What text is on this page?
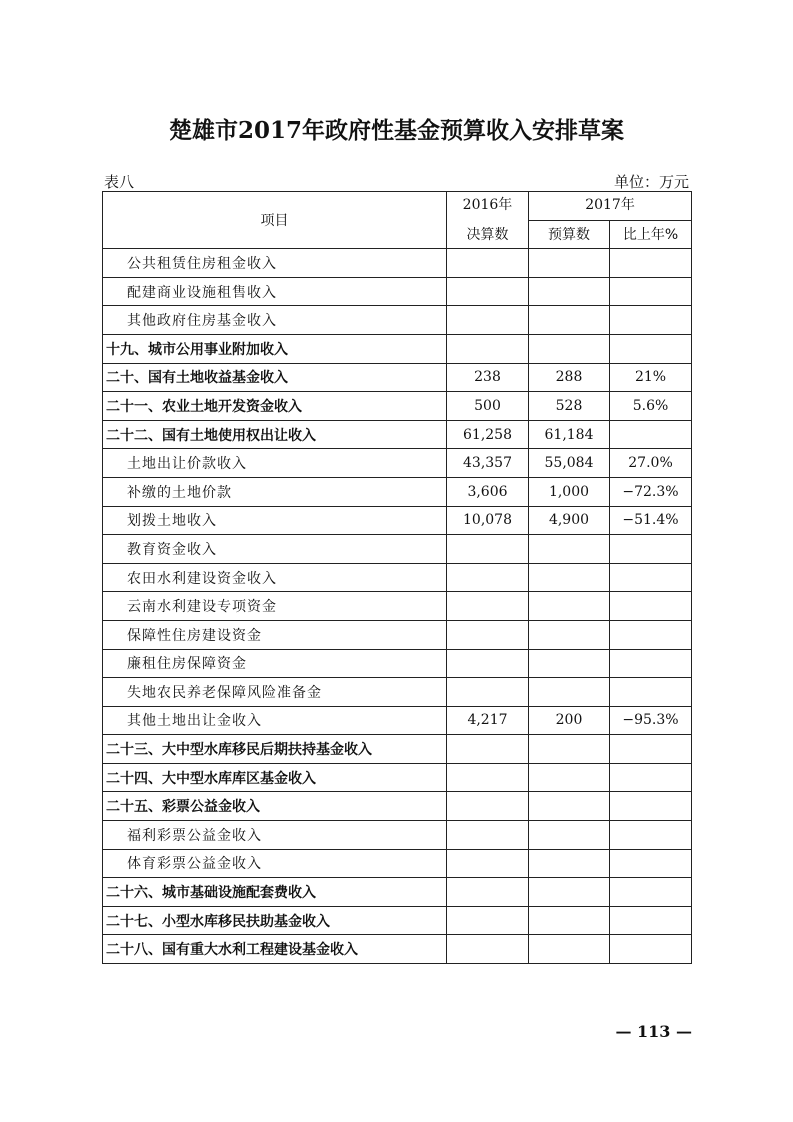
楚雄市2017年政府性基金预算收入安排草案
表八	单位：万元
项目	2016年	2017年	
	决算数	预算数	比上年%
公共租赁住房租金收入			
配建商业设施租售收入			
其他政府住房基金收入			
十九、城市公用事业附加收入			
二十、国有土地收益基金收入	238	288	21%
二十一、农业土地开发资金收入	500	528	5.6%
二十二、国有土地使用权出让收入	61,258	61,184	
土地出让价款收入	43,357	55,084	27.0%
补缴的土地价款	3,606	1,000	−72.3%
划拨土地收入	10,078	4,900	−51.4%
教育资金收入			
农田水利建设资金收入			
云南水利建设专项资金			
保障性住房建设资金			
廉租住房保障资金			
失地农民养老保障风险准备金			
其他土地出让金收入	4,217	200	−95.3%
二十三、大中型水库移民后期扶持基金收入			
二十四、大中型水库库区基金收入			
二十五、彩票公益金收入			
福利彩票公益金收入			
体育彩票公益金收入			
二十六、城市基础设施配套费收入			
二十七、小型水库移民扶助基金收入			
二十八、国有重大水利工程建设基金收入			
— 113 —
